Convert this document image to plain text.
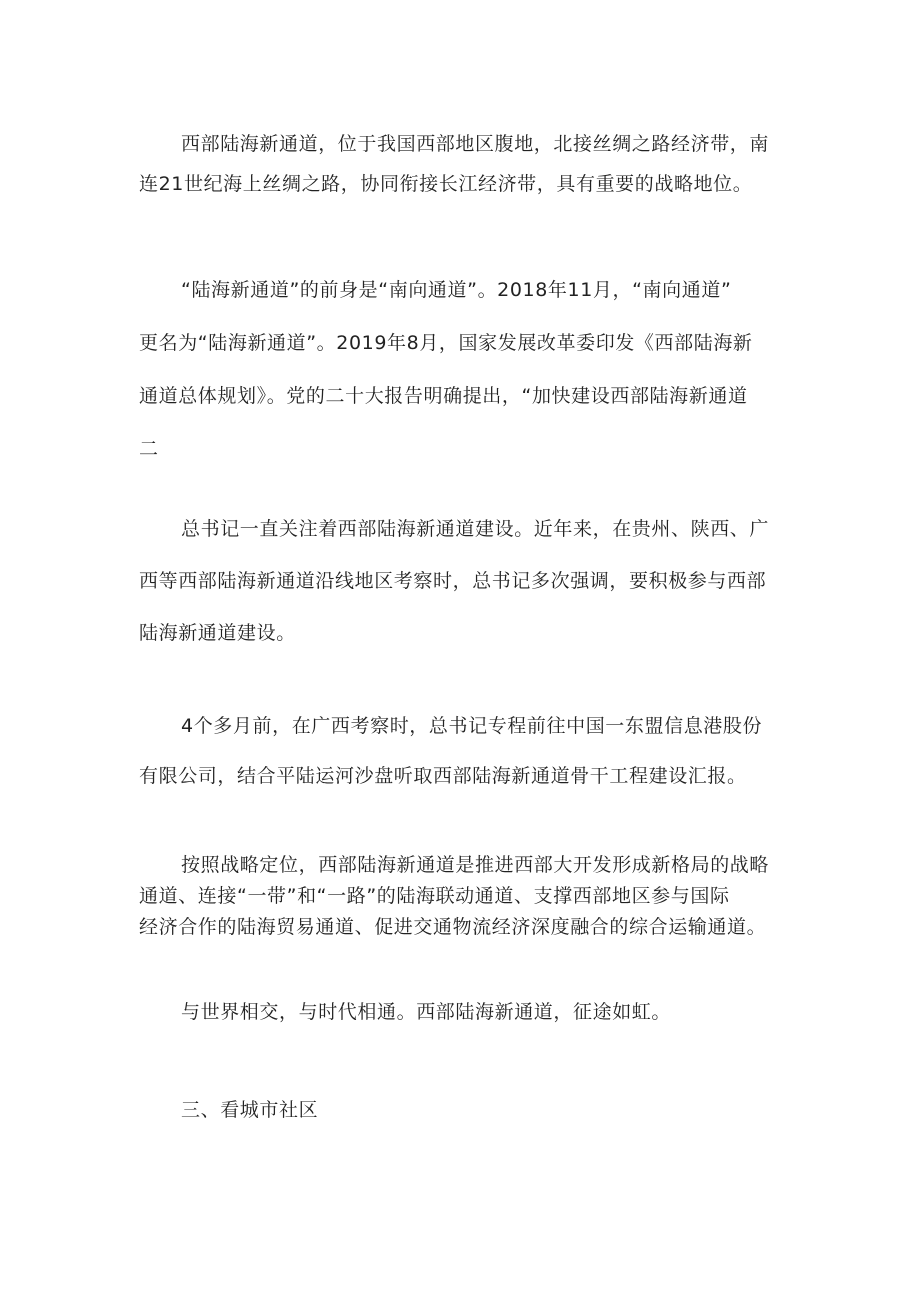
西部陆海新通道，位于我国西部地区腹地，北接丝绸之路经济带，南
连21世纪海上丝绸之路，协同衔接长江经济带，具有重要的战略地位。

“陆海新通道”的前身是“南向通道”。2018年11月，“南向通道”
更名为“陆海新通道”。2019年8月，国家发展改革委印发《西部陆海新
通道总体规划》。党的二十大报告明确提出，“加快建设西部陆海新通道
二

总书记一直关注着西部陆海新通道建设。近年来，在贵州、陕西、广
西等西部陆海新通道沿线地区考察时，总书记多次强调，要积极参与西部
陆海新通道建设。

4个多月前，在广西考察时，总书记专程前往中国一东盟信息港股份
有限公司，结合平陆运河沙盘听取西部陆海新通道骨干工程建设汇报。

按照战略定位，西部陆海新通道是推进西部大开发形成新格局的战略
通道、连接“一带”和“一路”的陆海联动通道、支撑西部地区参与国际
经济合作的陆海贸易通道、促进交通物流经济深度融合的综合运输通道。

与世界相交，与时代相通。西部陆海新通道，征途如虹。

三、看城市社区
